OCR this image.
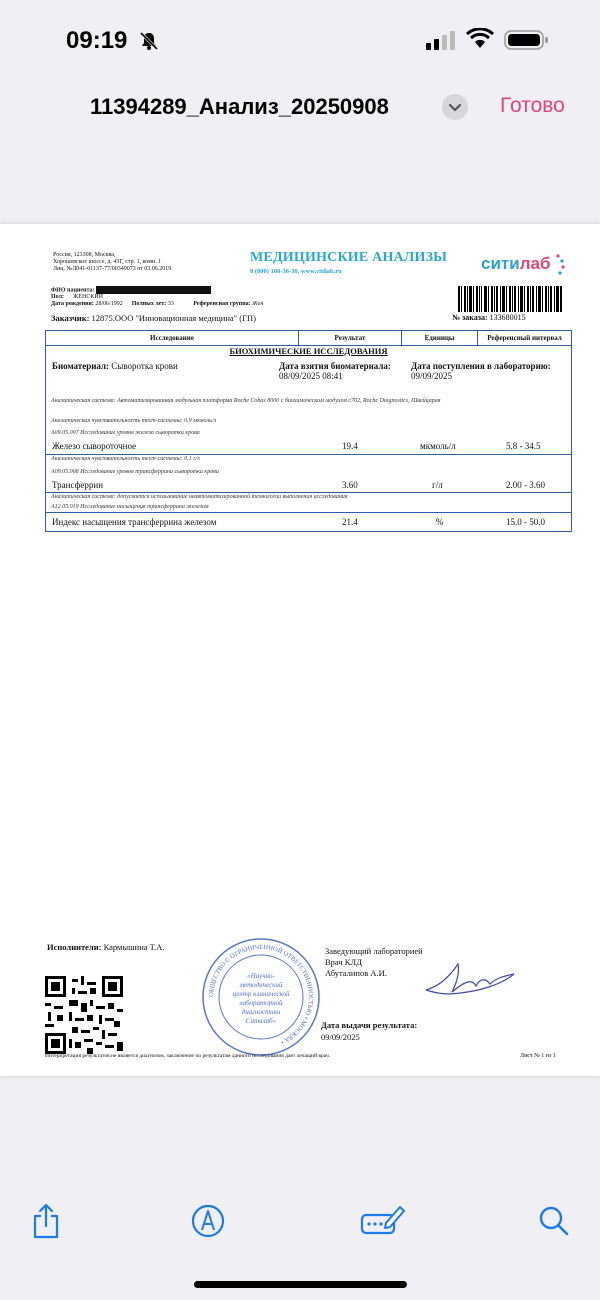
09:19
11394289_Анализ_20250908	Готово
Россия, 123308, Москва,
Хорошевское шоссе, д. 43Г, стр. 1, комн. 1
Лиц. №Л041-01137-77/00349073 от 03.06.2019
МЕДИЦИНСКИЕ АНАЛИЗЫ
8 (800) 100-36-30, www.citilab.ru	ситилаб
ФИО пациента:
Пол: ЖЕНСКИЙ
Дата рождения: 28/06/1992 Полных лет: 33	Референсная группа: Жен
Заказчик: 12875.ООО "Инновационная медицина" (ГП)	№ заказа: 133680015
Исследование	Результат	Единицы	Референсный интервал
БИОХИМИЧЕСКИЕ ИССЛЕДОВАНИЯ
Биоматериал: Сыворотка крови	Дата взятия биоматериала:
08/09/2025 08:41
Дата поступления в лабораторию:
09/09/2025
Аналитическая система: Автоматизированная модульная платформа Roche Cobas 8000 с биохимическим модулем с702, Roche Diagnostics, Швейцария
Аналитическая чувствительность тест-системы: 0.9 мкмоль/л
А09.05.007 Исследование уровня железа сыворотки крови
Железо сывороточное	19.4	мкмоль/л	5.8 - 34.5
Аналитическая чувствительность тест-системы: 0.1 г/л
А09.05.008 Исследование уровня трансферрина сыворотки крови
Трансферрин	3.60	г/л	2.00 - 3.60
Аналитическая система: допускается использование неавтоматизированной технологии выполнения исследования
А12.05.019 Исследование насыщения трансферрина железом
Индекс насыщения трансферрина железом	21.4	%	15.0 - 50.0
Исполнители: Кармышина Т.А.
ОБЩЕСТВО С ОГРАНИЧЕННОЙ ОТВЕТСТВЕННОСТЬЮ • МОСКВА •
«Научно-
методический
центр клинической
лабораторной
диагностики
Ситилаб»
Заведующий лабораторией
Врач КЛД
Абуталипов А.И.
Дата выдачи результата:
09/09/2025
Интерпретация результатов не является диагнозом, заключение по результатам данного исследования дает лечащий врач.	Лист № 1 из 1
